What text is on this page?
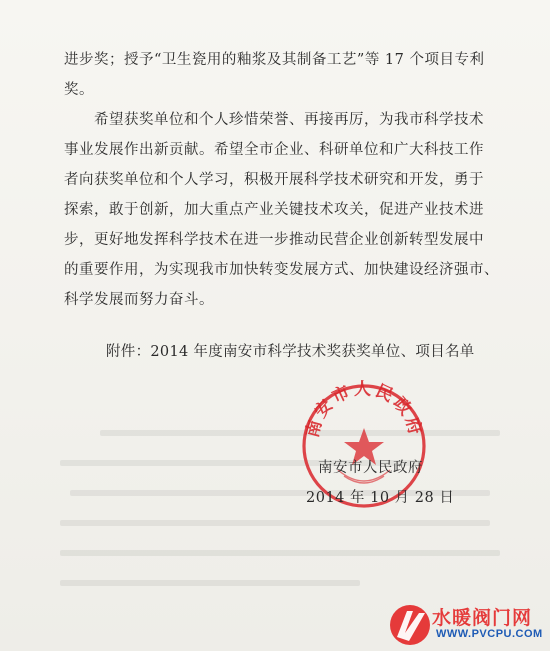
进步奖；授予“卫生瓷用的釉浆及其制备工艺”等 17 个项目专利
奖。
希望获奖单位和个人珍惜荣誉、再接再厉，为我市科学技术
事业发展作出新贡献。希望全市企业、科研单位和广大科技工作
者向获奖单位和个人学习，积极开展科学技术研究和开发，勇于
探索，敢于创新，加大重点产业关键技术攻关，促进产业技术进
步，更好地发挥科学技术在进一步推动民营企业创新转型发展中
的重要作用，为实现我市加快转变发展方式、加快建设经济强市、
科学发展而努力奋斗。
附件：2014 年度南安市科学技术奖获奖单位、项目名单
南安市人民政府
南安市人民政府
2014 年 10 月 28 日
水暖阀门网
WWW.PVCPU.COM
